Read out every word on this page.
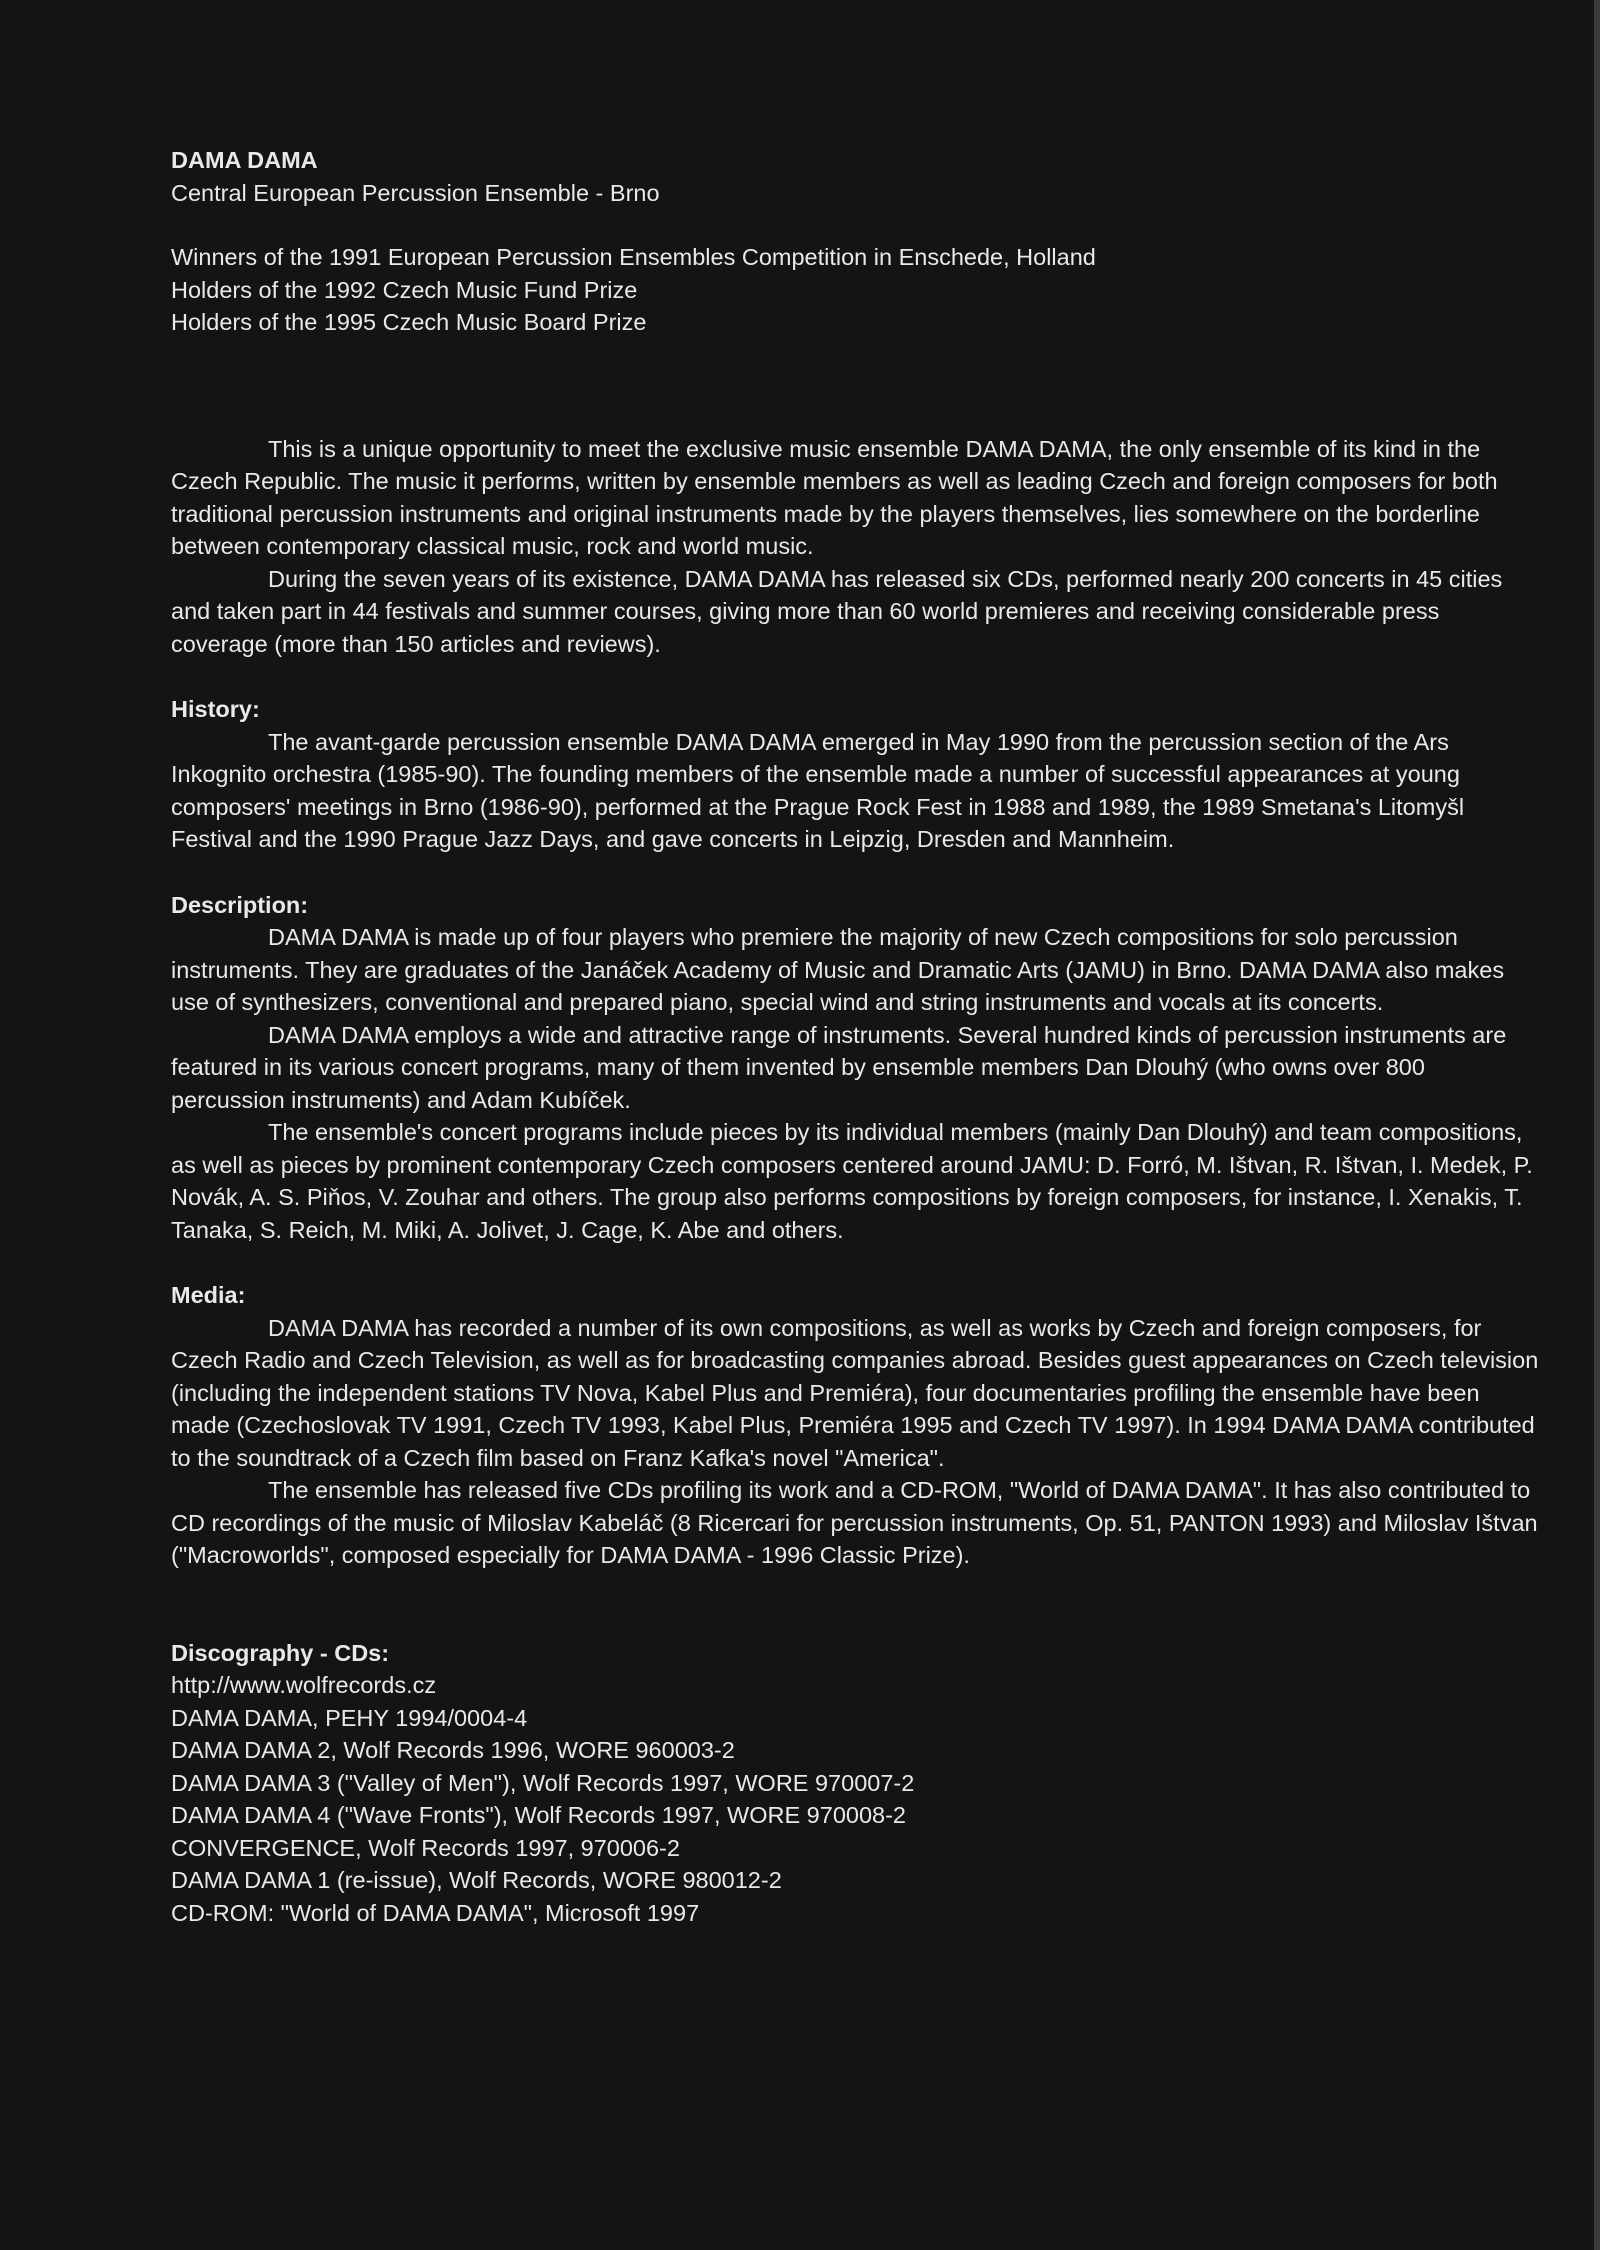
DAMA DAMA
Central European Percussion Ensemble - Brno
Winners of the 1991 European Percussion Ensembles Competition in Enschede, Holland
Holders of the 1992 Czech Music Fund Prize
Holders of the 1995 Czech Music Board Prize

This is a unique opportunity to meet the exclusive music ensemble DAMA DAMA, the only ensemble of its kind in the Czech Republic. The music it performs, written by ensemble members as well as leading Czech and foreign composers for both traditional percussion instruments and original instruments made by the players themselves, lies somewhere on the borderline between contemporary classical music, rock and world music.

During the seven years of its existence, DAMA DAMA has released six CDs, performed nearly 200 concerts in 45 cities and taken part in 44 festivals and summer courses, giving more than 60 world premieres and receiving considerable press coverage (more than 150 articles and reviews).

History:

The avant-garde percussion ensemble DAMA DAMA emerged in May 1990 from the percussion section of the Ars Inkognito orchestra (1985-90). The founding members of the ensemble made a number of successful appearances at young composers' meetings in Brno (1986-90), performed at the Prague Rock Fest in 1988 and 1989, the 1989 Smetana's Litomyšl Festival and the 1990 Prague Jazz Days, and gave concerts in Leipzig, Dresden and Mannheim.

Description:

DAMA DAMA is made up of four players who premiere the majority of new Czech compositions for solo percussion instruments. They are graduates of the Janáček Academy of Music and Dramatic Arts (JAMU) in Brno. DAMA DAMA also makes use of synthesizers, conventional and prepared piano, special wind and string instruments and vocals at its concerts.

DAMA DAMA employs a wide and attractive range of instruments. Several hundred kinds of percussion instruments are featured in its various concert programs, many of them invented by ensemble members Dan Dlouhý (who owns over 800 percussion instruments) and Adam Kubíček.

The ensemble's concert programs include pieces by its individual members (mainly Dan Dlouhý) and team compositions, as well as pieces by prominent contemporary Czech composers centered around JAMU: D. Forró, M. Ištvan, R. Ištvan, I. Medek, P. Novák, A. S. Piňos, V. Zouhar and others. The group also performs compositions by foreign composers, for instance, I. Xenakis, T. Tanaka, S. Reich, M. Miki, A. Jolivet, J. Cage, K. Abe and others.

Media:

DAMA DAMA has recorded a number of its own compositions, as well as works by Czech and foreign composers, for Czech Radio and Czech Television, as well as for broadcasting companies abroad. Besides guest appearances on Czech television (including the independent stations TV Nova, Kabel Plus and Premiéra), four documentaries profiling the ensemble have been made (Czechoslovak TV 1991, Czech TV 1993, Kabel Plus, Premiéra 1995 and Czech TV 1997). In 1994 DAMA DAMA contributed to the soundtrack of a Czech film based on Franz Kafka's novel "America".

The ensemble has released five CDs profiling its work and a CD-ROM, "World of DAMA DAMA". It has also contributed to CD recordings of the music of Miloslav Kabeláč (8 Ricercari for percussion instruments, Op. 51, PANTON 1993) and Miloslav Ištvan ("Macroworlds", composed especially for DAMA DAMA - 1996 Classic Prize).

Discography - CDs:
http://www.wolfrecords.cz
DAMA DAMA, PEHY 1994/0004-4
DAMA DAMA 2, Wolf Records 1996, WORE 960003-2
DAMA DAMA 3 ("Valley of Men"), Wolf Records 1997, WORE 970007-2
DAMA DAMA 4 ("Wave Fronts"), Wolf Records 1997, WORE 970008-2
CONVERGENCE, Wolf Records 1997, 970006-2
DAMA DAMA 1 (re-issue), Wolf Records, WORE 980012-2
CD-ROM: "World of DAMA DAMA", Microsoft 1997
